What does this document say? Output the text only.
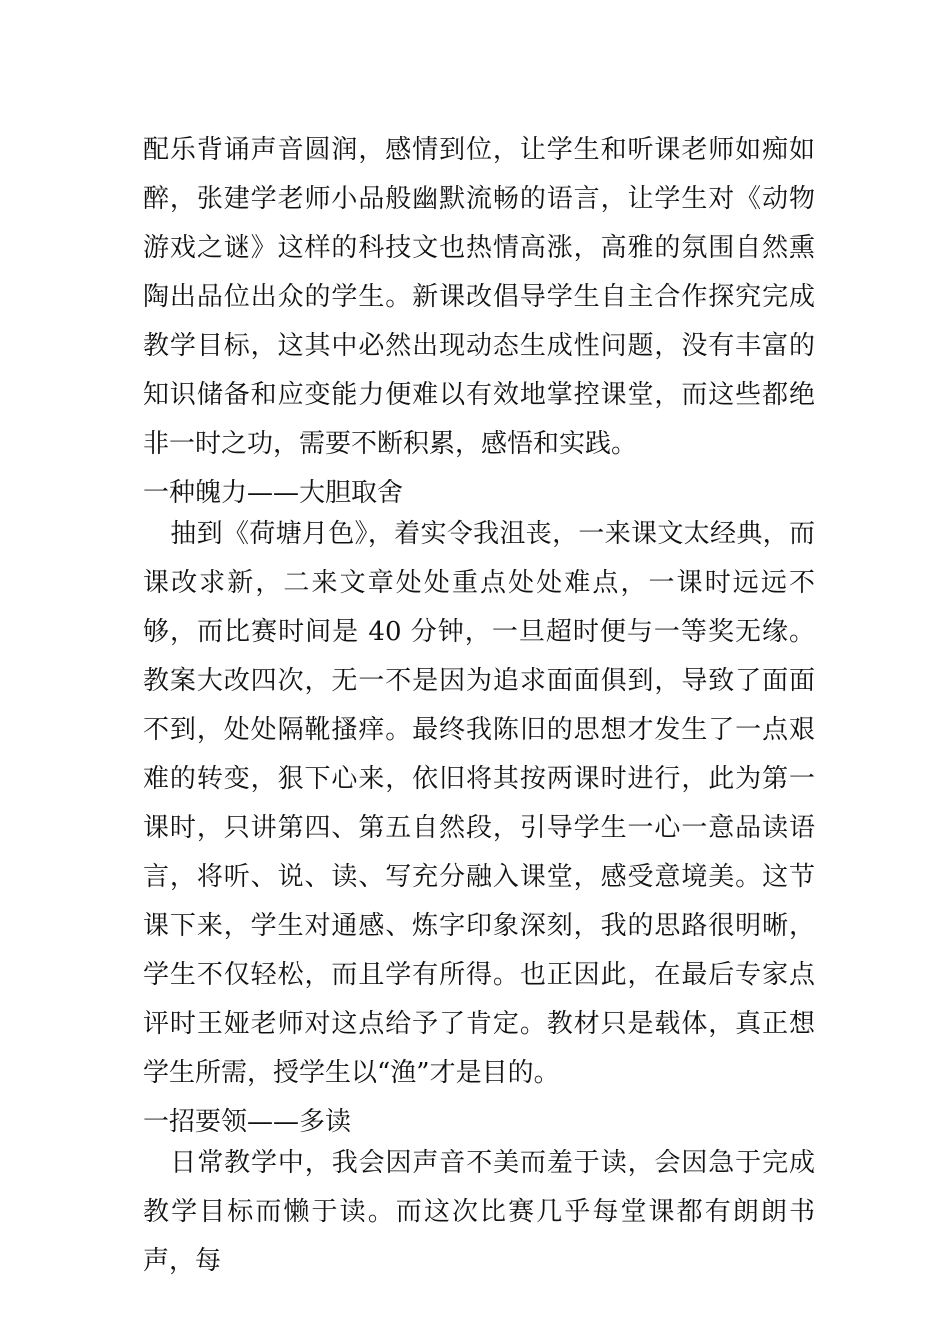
配乐背诵声音圆润，感情到位，让学生和听课老师如痴如醉，张建学老师小品般幽默流畅的语言，让学生对《动物游戏之谜》这样的科技文也热情高涨，高雅的氛围自然熏陶出品位出众的学生。新课改倡导学生自主合作探究完成教学目标，这其中必然出现动态生成性问题，没有丰富的知识储备和应变能力便难以有效地掌控课堂，而这些都绝非一时之功，需要不断积累，感悟和实践。

一种魄力——大胆取舍

抽到《荷塘月色》，着实令我沮丧，一来课文太经典，而课改求新，二来文章处处重点处处难点，一课时远远不够，而比赛时间是 40 分钟，一旦超时便与一等奖无缘。教案大改四次，无一不是因为追求面面俱到，导致了面面不到，处处隔靴搔痒。最终我陈旧的思想才发生了一点艰难的转变，狠下心来，依旧将其按两课时进行，此为第一课时，只讲第四、第五自然段，引导学生一心一意品读语言，将听、说、读、写充分融入课堂，感受意境美。这节课下来，学生对通感、炼字印象深刻，我的思路很明晰，学生不仅轻松，而且学有所得。也正因此，在最后专家点评时王娅老师对这点给予了肯定。教材只是载体，真正想学生所需，授学生以“渔”才是目的。

一招要领——多读

日常教学中，我会因声音不美而羞于读，会因急于完成教学目标而懒于读。而这次比赛几乎每堂课都有朗朗书声，每
